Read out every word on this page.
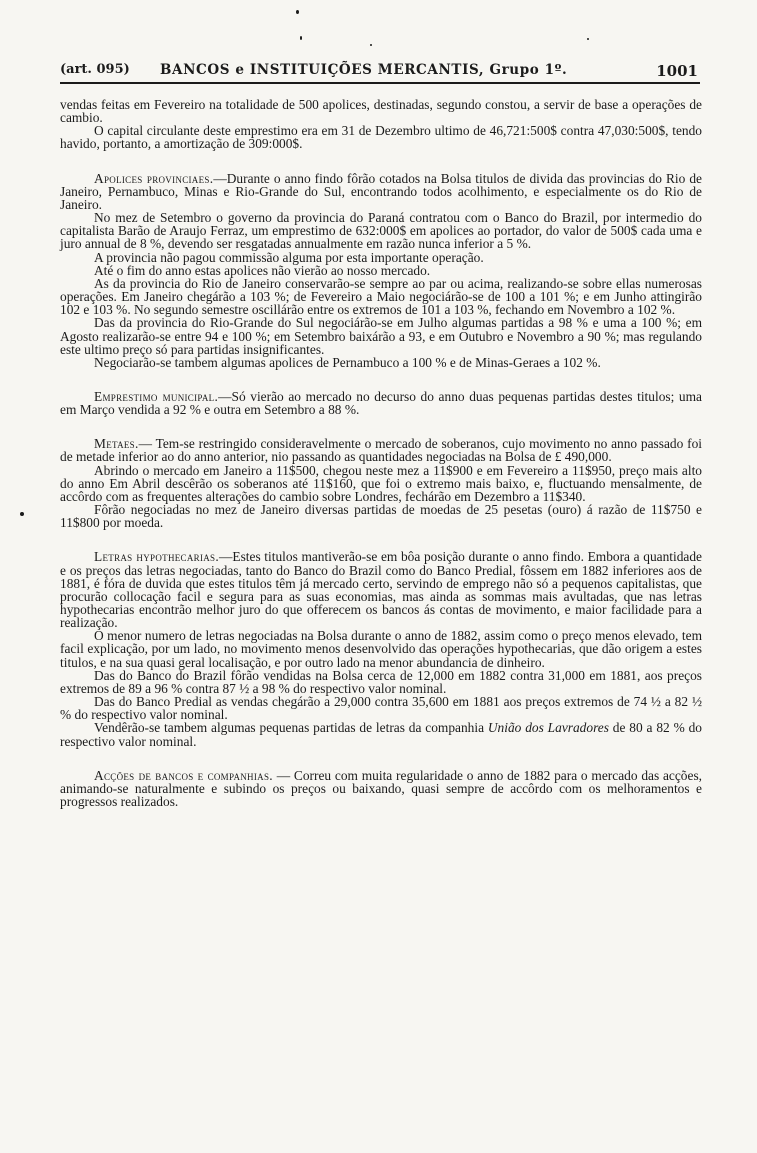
(art. 095) BANCOS e INSTITUIÇÕES MERCANTIS, Grupo 1º.	1001

vendas feitas em Fevereiro na totalidade de 500 apolices, destinadas, segundo constou, a servir de base a operações de cambio.

O capital circulante deste emprestimo era em 31 de Dezembro ultimo de 46,721:500$ contra 47,030:500$, tendo havido, portanto, a amortização de 309:000$.

Apolices provinciaes.—Durante o anno findo fôrão cotados na Bolsa titulos de divida das provincias do Rio de Janeiro, Pernambuco, Minas e Rio-Grande do Sul, encontrando todos acolhimento, e especialmente os do Rio de Janeiro.

No mez de Setembro o governo da provincia do Paraná contratou com o Banco do Brazil, por intermedio do capitalista Barão de Araujo Ferraz, um emprestimo de 632:000$ em apolices ao portador, do valor de 500$ cada uma e juro annual de 8 %, devendo ser resgatadas annualmente em razão nunca inferior a 5 %.

A provincia não pagou commissão alguma por esta importante operação.

Até o fim do anno estas apolices não vierão ao nosso mercado.

As da provincia do Rio de Janeiro conservarão-se sempre ao par ou acima, realizando-se sobre ellas numerosas operações. Em Janeiro chegárão a 103 %; de Fevereiro a Maio negociárão-se de 100 a 101 %; e em Junho attingirão 102 e 103 %. No segundo semestre oscillárão entre os extremos de 101 a 103 %, fechando em Novembro a 102 %.

Das da provincia do Rio-Grande do Sul negociárão-se em Julho algumas partidas a 98 % e uma a 100 %; em Agosto realizarão-se entre 94 e 100 %; em Setembro baixárão a 93, e em Outubro e Novembro a 90 %; mas regulando este ultimo preço só para partidas insignificantes.

Negociarão-se tambem algumas apolices de Pernambuco a 100 % e de Minas-Geraes a 102 %.

Emprestimo municipal.—Só vierão ao mercado no decurso do anno duas pequenas partidas destes titulos; uma em Março vendida a 92 % e outra em Setembro a 88 %.

Metaes.— Tem-se restringido consideravelmente o mercado de soberanos, cujo movimento no anno passado foi de metade inferior ao do anno anterior, nio passando as quantidades negociadas na Bolsa de £ 490,000.

Abrindo o mercado em Janeiro a 11$500, chegou neste mez a 11$900 e em Fevereiro a 11$950, preço mais alto do anno Em Abril descêrão os soberanos até 11$160, que foi o extremo mais baixo, e, fluctuando mensalmente, de accôrdo com as frequentes alterações do cambio sobre Londres, fechárão em Dezembro a 11$340.

Fôrão negociadas no mez de Janeiro diversas partidas de moedas de 25 pesetas (ouro) á razão de 11$750 e 11$800 por moeda.

Letras hypothecarias.—Estes titulos mantiverão-se em bôa posição durante o anno findo. Embora a quantidade e os preços das letras negociadas, tanto do Banco do Brazil como do Banco Predial, fôssem em 1882 inferiores aos de 1881, é fóra de duvida que estes titulos têm já mercado certo, servindo de emprego não só a pequenos capitalistas, que procurão collocação facil e segura para as suas economias, mas ainda as sommas mais avultadas, que nas letras hypothecarias encontrão melhor juro do que offerecem os bancos ás contas de movimento, e maior facilidade para a realização.

O menor numero de letras negociadas na Bolsa durante o anno de 1882, assim como o preço menos elevado, tem facil explicação, por um lado, no movimento menos desenvolvido das operações hypothecarias, que dão origem a estes titulos, e na sua quasi geral localisação, e por outro lado na menor abundancia de dinheiro.

Das do Banco do Brazil fôrão vendidas na Bolsa cerca de 12,000 em 1882 contra 31,000 em 1881, aos preços extremos de 89 a 96 % contra 87 ½ a 98 % do respectivo valor nominal.

Das do Banco Predial as vendas chegárão a 29,000 contra 35,600 em 1881 aos preços extremos de 74 ½ a 82 ½ % do respectivo valor nominal.

Vendêrão-se tambem algumas pequenas partidas de letras da companhia União dos Lavradores de 80 a 82 % do respectivo valor nominal.

Acções de bancos e companhias. — Correu com muita regularidade o anno de 1882 para o mercado das acções, animando-se naturalmente e subindo os preços ou baixando, quasi sempre de accôrdo com os melhoramentos e progressos realizados.
